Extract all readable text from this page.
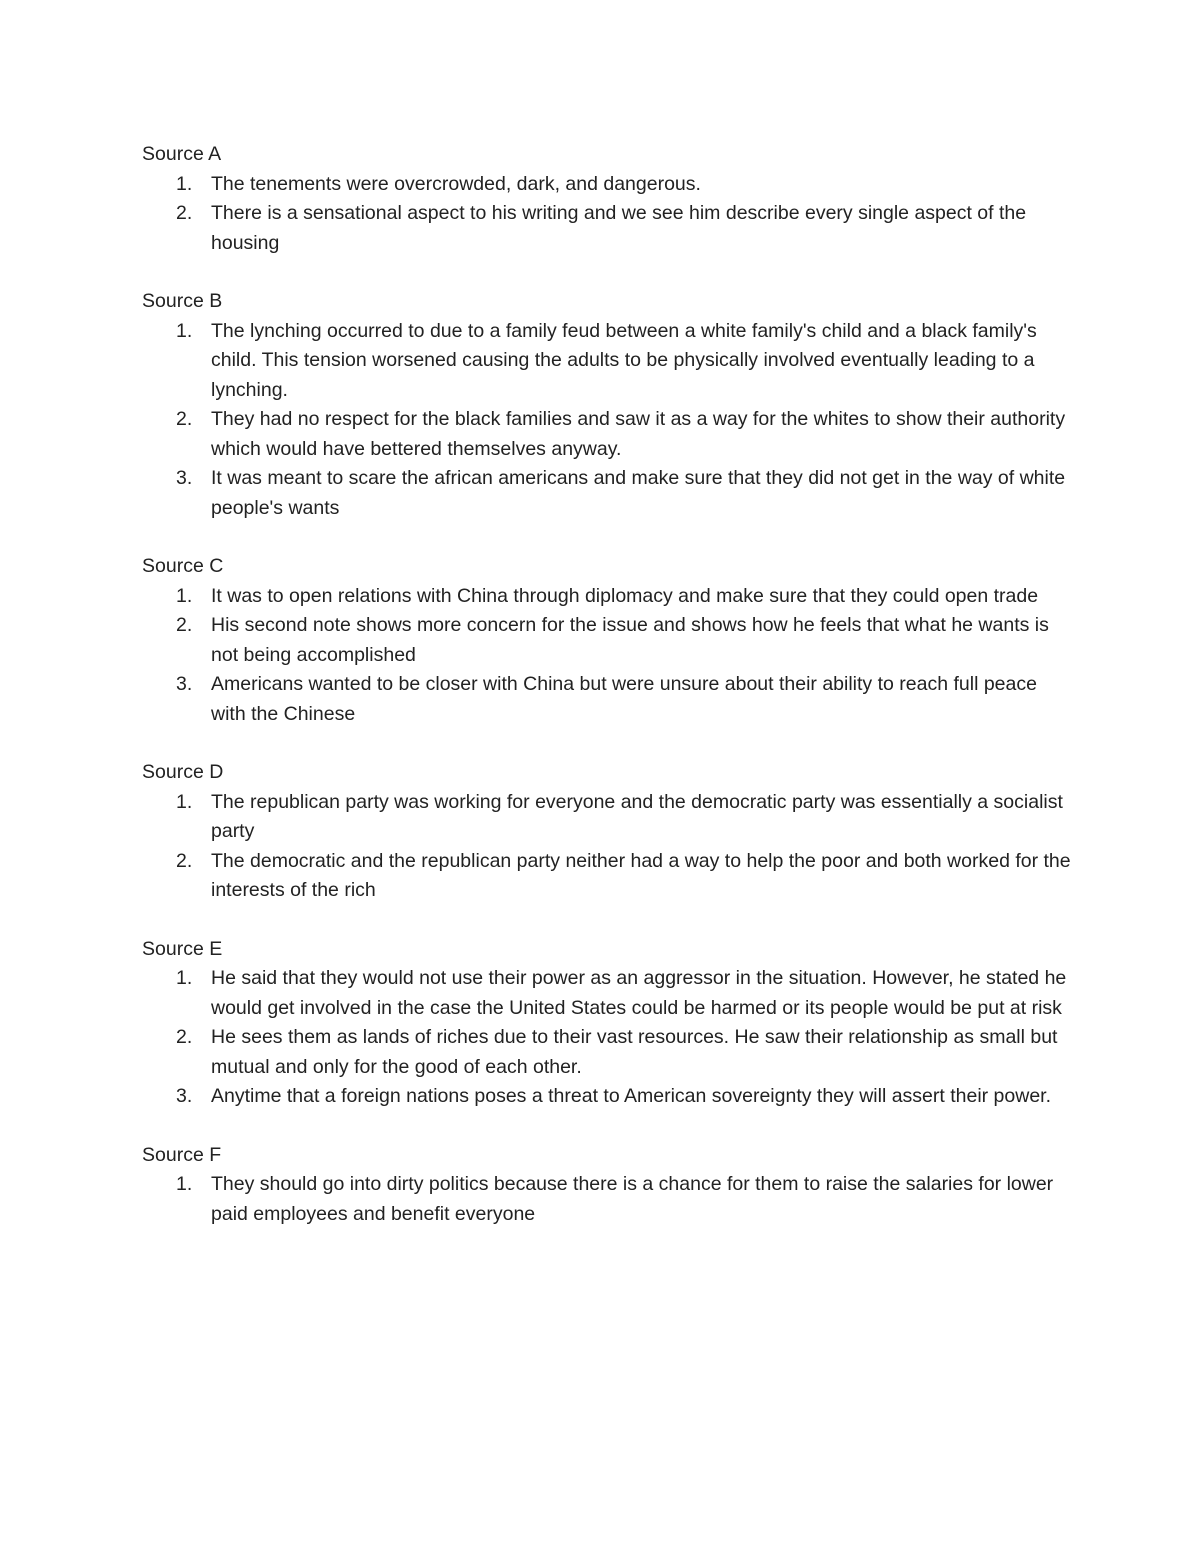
Source A
1. The tenements were overcrowded, dark, and dangerous.
2. There is a sensational aspect to his writing and we see him describe every single aspect of the housing
Source B
1. The lynching occurred to due to a family feud between a white family's child and a black family's child. This tension worsened causing the adults to be physically involved eventually leading to a lynching.
2. They had no respect for the black families and saw it as a way for the whites to show their authority which would have bettered themselves anyway.
3. It was meant to scare the african americans and make sure that they did not get in the way of white people's wants
Source C
1. It was to open relations with China through diplomacy and make sure that they could open trade
2. His second note shows more concern for the issue and shows how he feels that what he wants is not being accomplished
3. Americans wanted to be closer with China but were unsure about their ability to reach full peace with the Chinese
Source D
1. The republican party was working for everyone and the democratic party was essentially a socialist party
2. The democratic and the republican party neither had a way to help the poor and both worked for the interests of the rich
Source E
1. He said that they would not use their power as an aggressor in the situation. However, he stated he would get involved in the case the United States could be harmed or its people would be put at risk
2. He sees them as lands of riches due to their vast resources. He saw their relationship as small but mutual and only for the good of each other.
3. Anytime that a foreign nations poses a threat to American sovereignty they will assert their power.
Source F
1. They should go into dirty politics because there is a chance for them to raise the salaries for lower paid employees and benefit everyone
